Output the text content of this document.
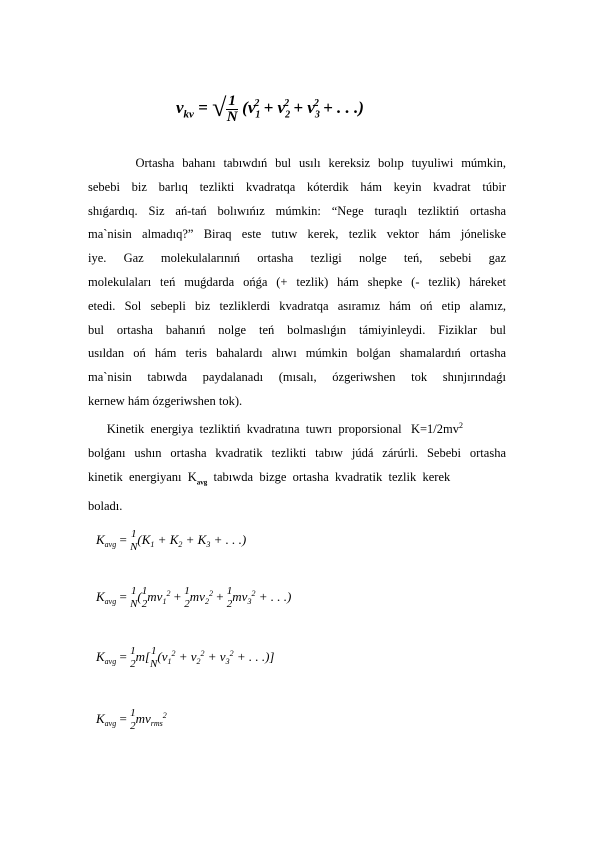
$v_{kv}$ = √ $\frac{1}{N} (v_1^2 + v_2^2 + v_3^2$ + . . .)
Ortasha bahanı tabıwdıń bul usılı kereksiz bolıp tuyuliwi múmkin,
sebebi biz barlıq tezlikti kvadratqa kóterdik hám keyin kvadrat túbir
shıǵardıq. Siz ań-tań bolıwıńız múmkin: “Nege turaqlı tezliktiń ortasha
ma`nisin almadıq?” Biraq este tutıw kerek, tezlik vektor hám jóneliske
iye. Gaz molekulalarınıń ortasha tezligi nolge teń, sebebi gaz
molekulaları teń muǵdarda ońǵa (+ tezlik) hám shepke (- tezlik) háreket
etedi. Sol sebepli biz tezliklerdi kvadratqa asıramız hám oń etip alamız,
bul ortasha bahanıń nolge teń bolmaslıǵın támiyinleydi. Fiziklar bul
usıldan oń hám teris bahalardı alıwı múmkin bolǵan shamalardıń ortasha
ma`nisin tabıwda paydalanadı (mısalı, ózgeriwshen tok shınjırındaǵı
kernew hám ózgeriwshen tok).
Kinetik  energiya  tezliktiń  kvadratına  tuwrı  proporsional   $K=1/2mv^2$
bolǵanı ushın ortasha kvadratik tezlikti tabıw júdá zárúrli. Sebebi ortasha
kinetik  energiyanı  $K_{avg}$  tabıwda  bizge  ortasha  kvadratik  tezlik  kerek
boladı.
$K_{avg} = 1$
N
($K_1 + K_2 + K_3$ + . . .)
$K_{avg} = 1$
N
( 1
2
$mv_1^2 + 1$
2
$mv_2^2 + 1$
2
$mv_3^2$ + . . .)
$K_{avg} = 1$
2
m[ 1
N
($v_1^2 + v_2^2 + v_3^2$ + . . .)]
$K_{avg} = 1$
2
$mv_{rms}^2$
